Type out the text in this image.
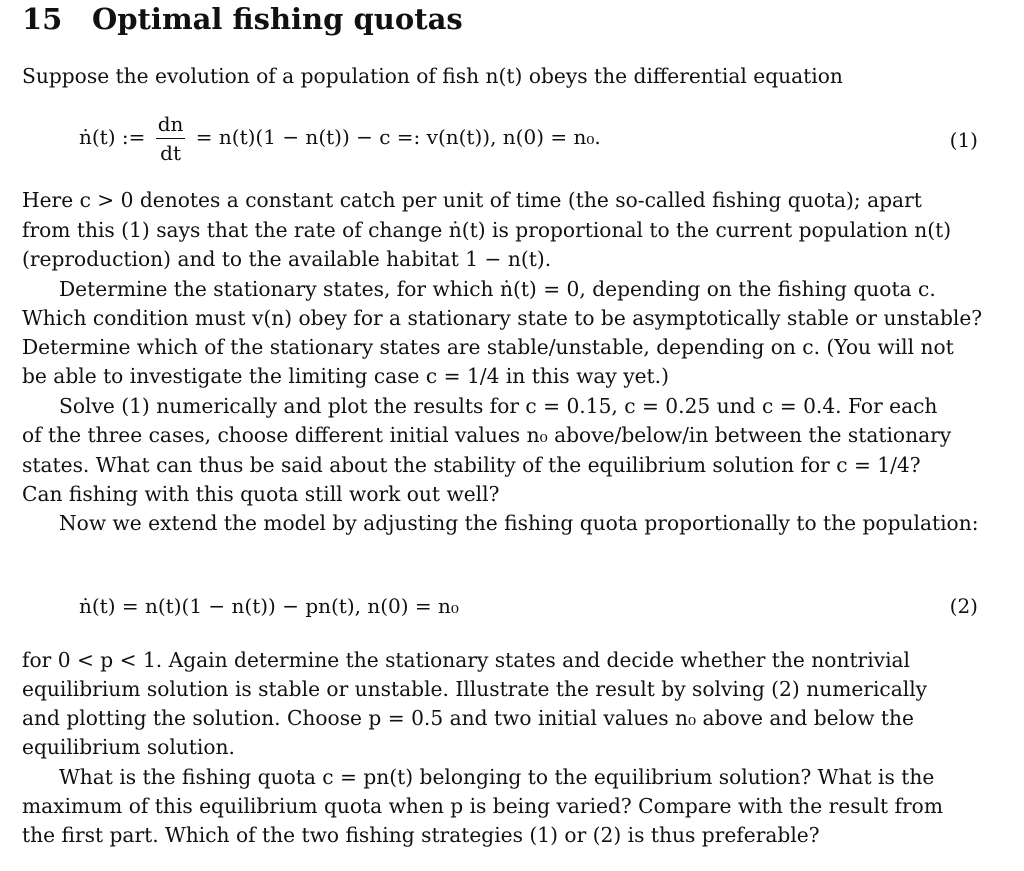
15 Optimal fishing quotas
Suppose the evolution of a population of fish n(t) obeys the differential equation
ṅ(t) := $\frac{dn}{dt} = n(t)(1 - n(t)) - c$ =: v(n(t)), n(0) = n₀.	(1)
Here c > 0 denotes a constant catch per unit of time (the so-called fishing quota); apart
from this (1) says that the rate of change ṅ(t) is proportional to the current population n(t)
(reproduction) and to the available habitat 1 − n(t).
Determine the stationary states, for which ṅ(t) = 0, depending on the fishing quota c.
Which condition must v(n) obey for a stationary state to be asymptotically stable or unstable?
Determine which of the stationary states are stable/unstable, depending on c. (You will not
be able to investigate the limiting case c = 1/4 in this way yet.)
Solve (1) numerically and plot the results for c = 0.15, c = 0.25 und c = 0.4. For each
of the three cases, choose different initial values n₀ above/below/in between the stationary
states. What can thus be said about the stability of the equilibrium solution for c = 1/4?
Can fishing with this quota still work out well?
Now we extend the model by adjusting the fishing quota proportionally to the population:
ṅ(t) = n(t)(1 − n(t)) − pn(t), n(0) = n₀	(2)
for 0 < p < 1. Again determine the stationary states and decide whether the nontrivial
equilibrium solution is stable or unstable. Illustrate the result by solving (2) numerically
and plotting the solution. Choose p = 0.5 and two initial values n₀ above and below the
equilibrium solution.
What is the fishing quota c = pn(t) belonging to the equilibrium solution? What is the
maximum of this equilibrium quota when p is being varied? Compare with the result from
the first part. Which of the two fishing strategies (1) or (2) is thus preferable?
